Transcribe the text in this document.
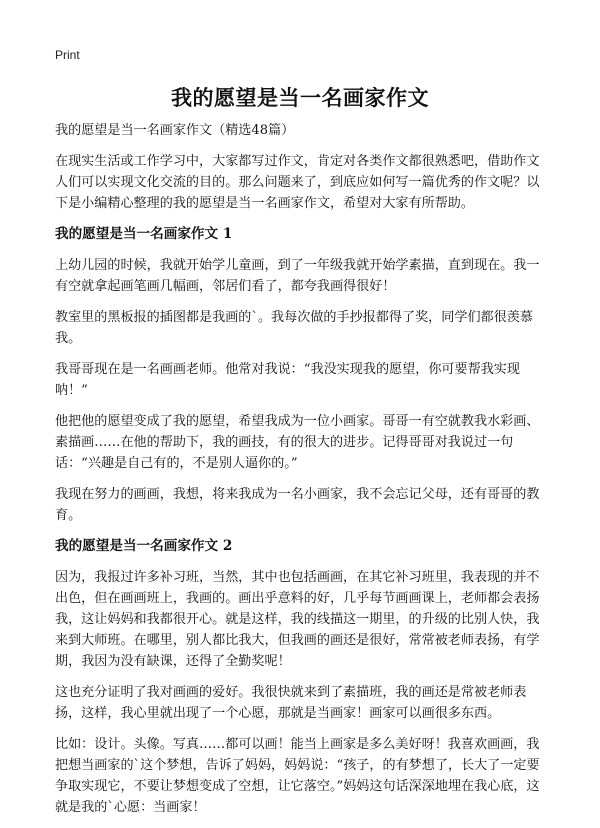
Print
我的愿望是当一名画家作文

我的愿望是当一名画家作文（精选48篇）

在现实生活或工作学习中，大家都写过作文，肯定对各类作文都很熟悉吧，借助作文人们可以实现文化交流的目的。那么问题来了，到底应如何写一篇优秀的作文呢？以下是小编精心整理的我的愿望是当一名画家作文，希望对大家有所帮助。

我的愿望是当一名画家作文 1

上幼儿园的时候，我就开始学儿童画，到了一年级我就开始学素描，直到现在。我一有空就拿起画笔画几幅画，邻居们看了，都夸我画得很好！

教室里的黑板报的插图都是我画的`。我每次做的手抄报都得了奖，同学们都很羡慕我。

我哥哥现在是一名画画老师。他常对我说：“我没实现我的愿望，你可要帮我实现呐！”

他把他的愿望变成了我的愿望，希望我成为一位小画家。哥哥一有空就教我水彩画、素描画……在他的帮助下，我的画技，有的很大的进步。记得哥哥对我说过一句话：“兴趣是自己有的，不是别人逼你的。”

我现在努力的画画，我想，将来我成为一名小画家，我不会忘记父母，还有哥哥的教育。

我的愿望是当一名画家作文 2

因为，我报过许多补习班，当然，其中也包括画画，在其它补习班里，我表现的并不出色，但在画画班上，我画的。画出乎意料的好，几乎每节画画课上，老师都会表扬我，这让妈妈和我都很开心。就是这样，我的线描这一期里，的升级的比别人快，我来到大师班。在哪里，别人都比我大，但我画的画还是很好，常常被老师表扬，有学期，我因为没有缺课，还得了全勤奖呢！

这也充分证明了我对画画的爱好。我很快就来到了素描班，我的画还是常被老师表扬，这样，我心里就出现了一个心愿，那就是当画家！画家可以画很多东西。

比如：设计。头像。写真……都可以画！能当上画家是多么美好呀！我喜欢画画，我把想当画家的`这个梦想，告诉了妈妈，妈妈说：“孩子，的有梦想了，长大了一定要争取实现它，不要让梦想变成了空想，让它落空。”妈妈这句话深深地埋在我心底，这就是我的`心愿：当画家！
